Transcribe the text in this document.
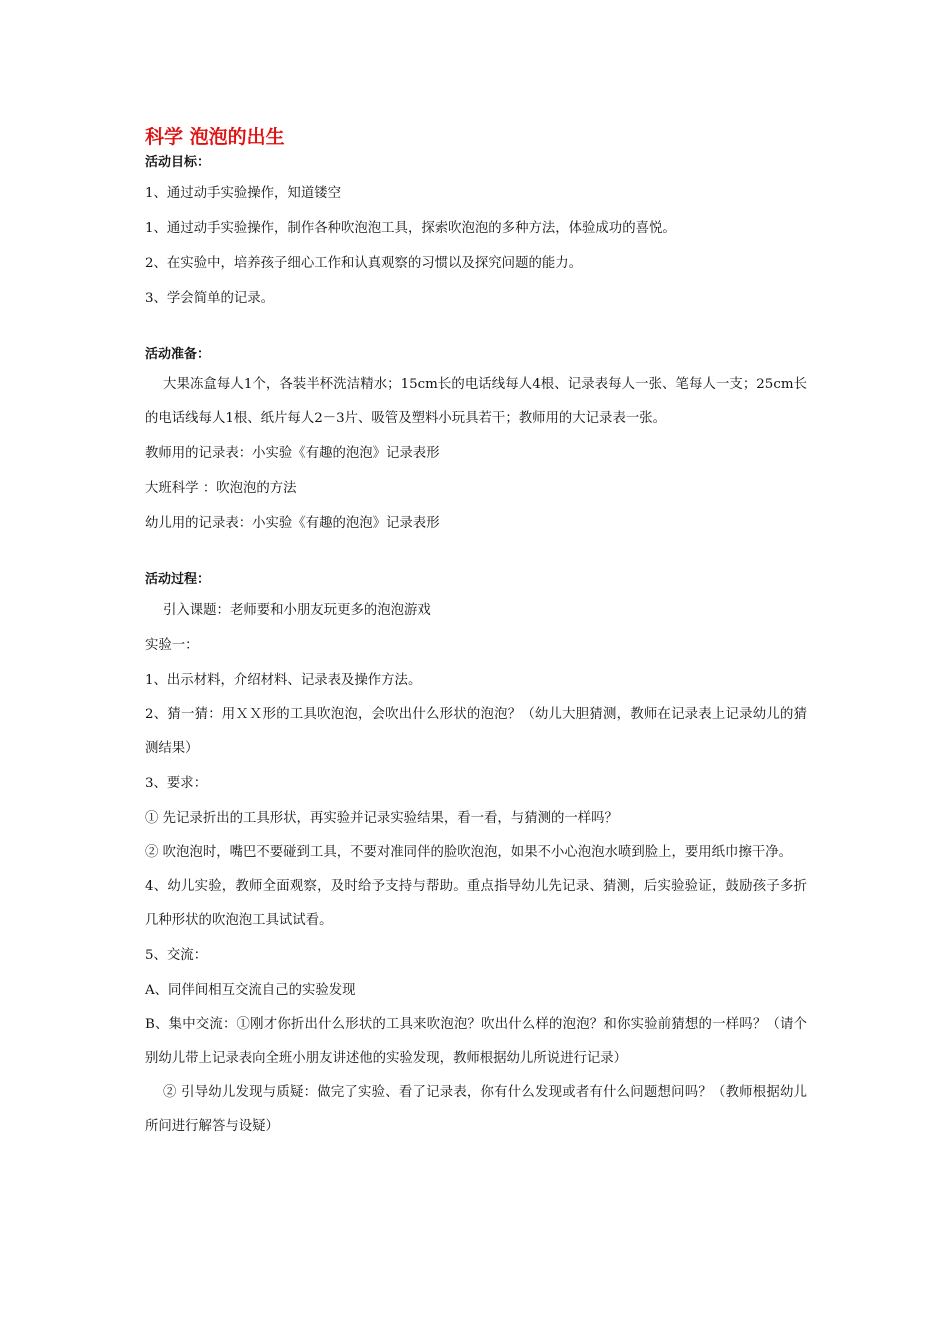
科学 泡泡的出生

活动目标：

1、通过动手实验操作，知道镂空

1、通过动手实验操作，制作各种吹泡泡工具，探索吹泡泡的多种方法，体验成功的喜悦。

2、在实验中，培养孩子细心工作和认真观察的习惯以及探究问题的能力。

3、学会简单的记录。

活动准备：

大果冻盒每人1个，各装半杯洗洁精水；15cm长的电话线每人4根、记录表每人一张、笔每人一支；25cm长的电话线每人1根、纸片每人2－3片、吸管及塑料小玩具若干；教师用的大记录表一张。

教师用的记录表：小实验《有趣的泡泡》记录表形

大班科学 ：吹泡泡的方法

幼儿用的记录表：小实验《有趣的泡泡》记录表形

活动过程：

引入课题：老师要和小朋友玩更多的泡泡游戏

实验一：

1、出示材料，介绍材料、记录表及操作方法。

2、猜一猜：用ＸＸ形的工具吹泡泡，会吹出什么形状的泡泡？（幼儿大胆猜测，教师在记录表上记录幼儿的猜测结果）

3、要求：

① 先记录折出的工具形状，再实验并记录实验结果，看一看，与猜测的一样吗？

② 吹泡泡时，嘴巴不要碰到工具，不要对准同伴的脸吹泡泡，如果不小心泡泡水喷到脸上，要用纸巾擦干净。

4、幼儿实验，教师全面观察，及时给予支持与帮助。重点指导幼儿先记录、猜测，后实验验证，鼓励孩子多折几种形状的吹泡泡工具试试看。

5、交流：

A、同伴间相互交流自己的实验发现

B、集中交流：①刚才你折出什么形状的工具来吹泡泡？吹出什么样的泡泡？和你实验前猜想的一样吗？（请个别幼儿带上记录表向全班小朋友讲述他的实验发现，教师根据幼儿所说进行记录）

② 引导幼儿发现与质疑：做完了实验、看了记录表，你有什么发现或者有什么问题想问吗？（教师根据幼儿所问进行解答与设疑）
